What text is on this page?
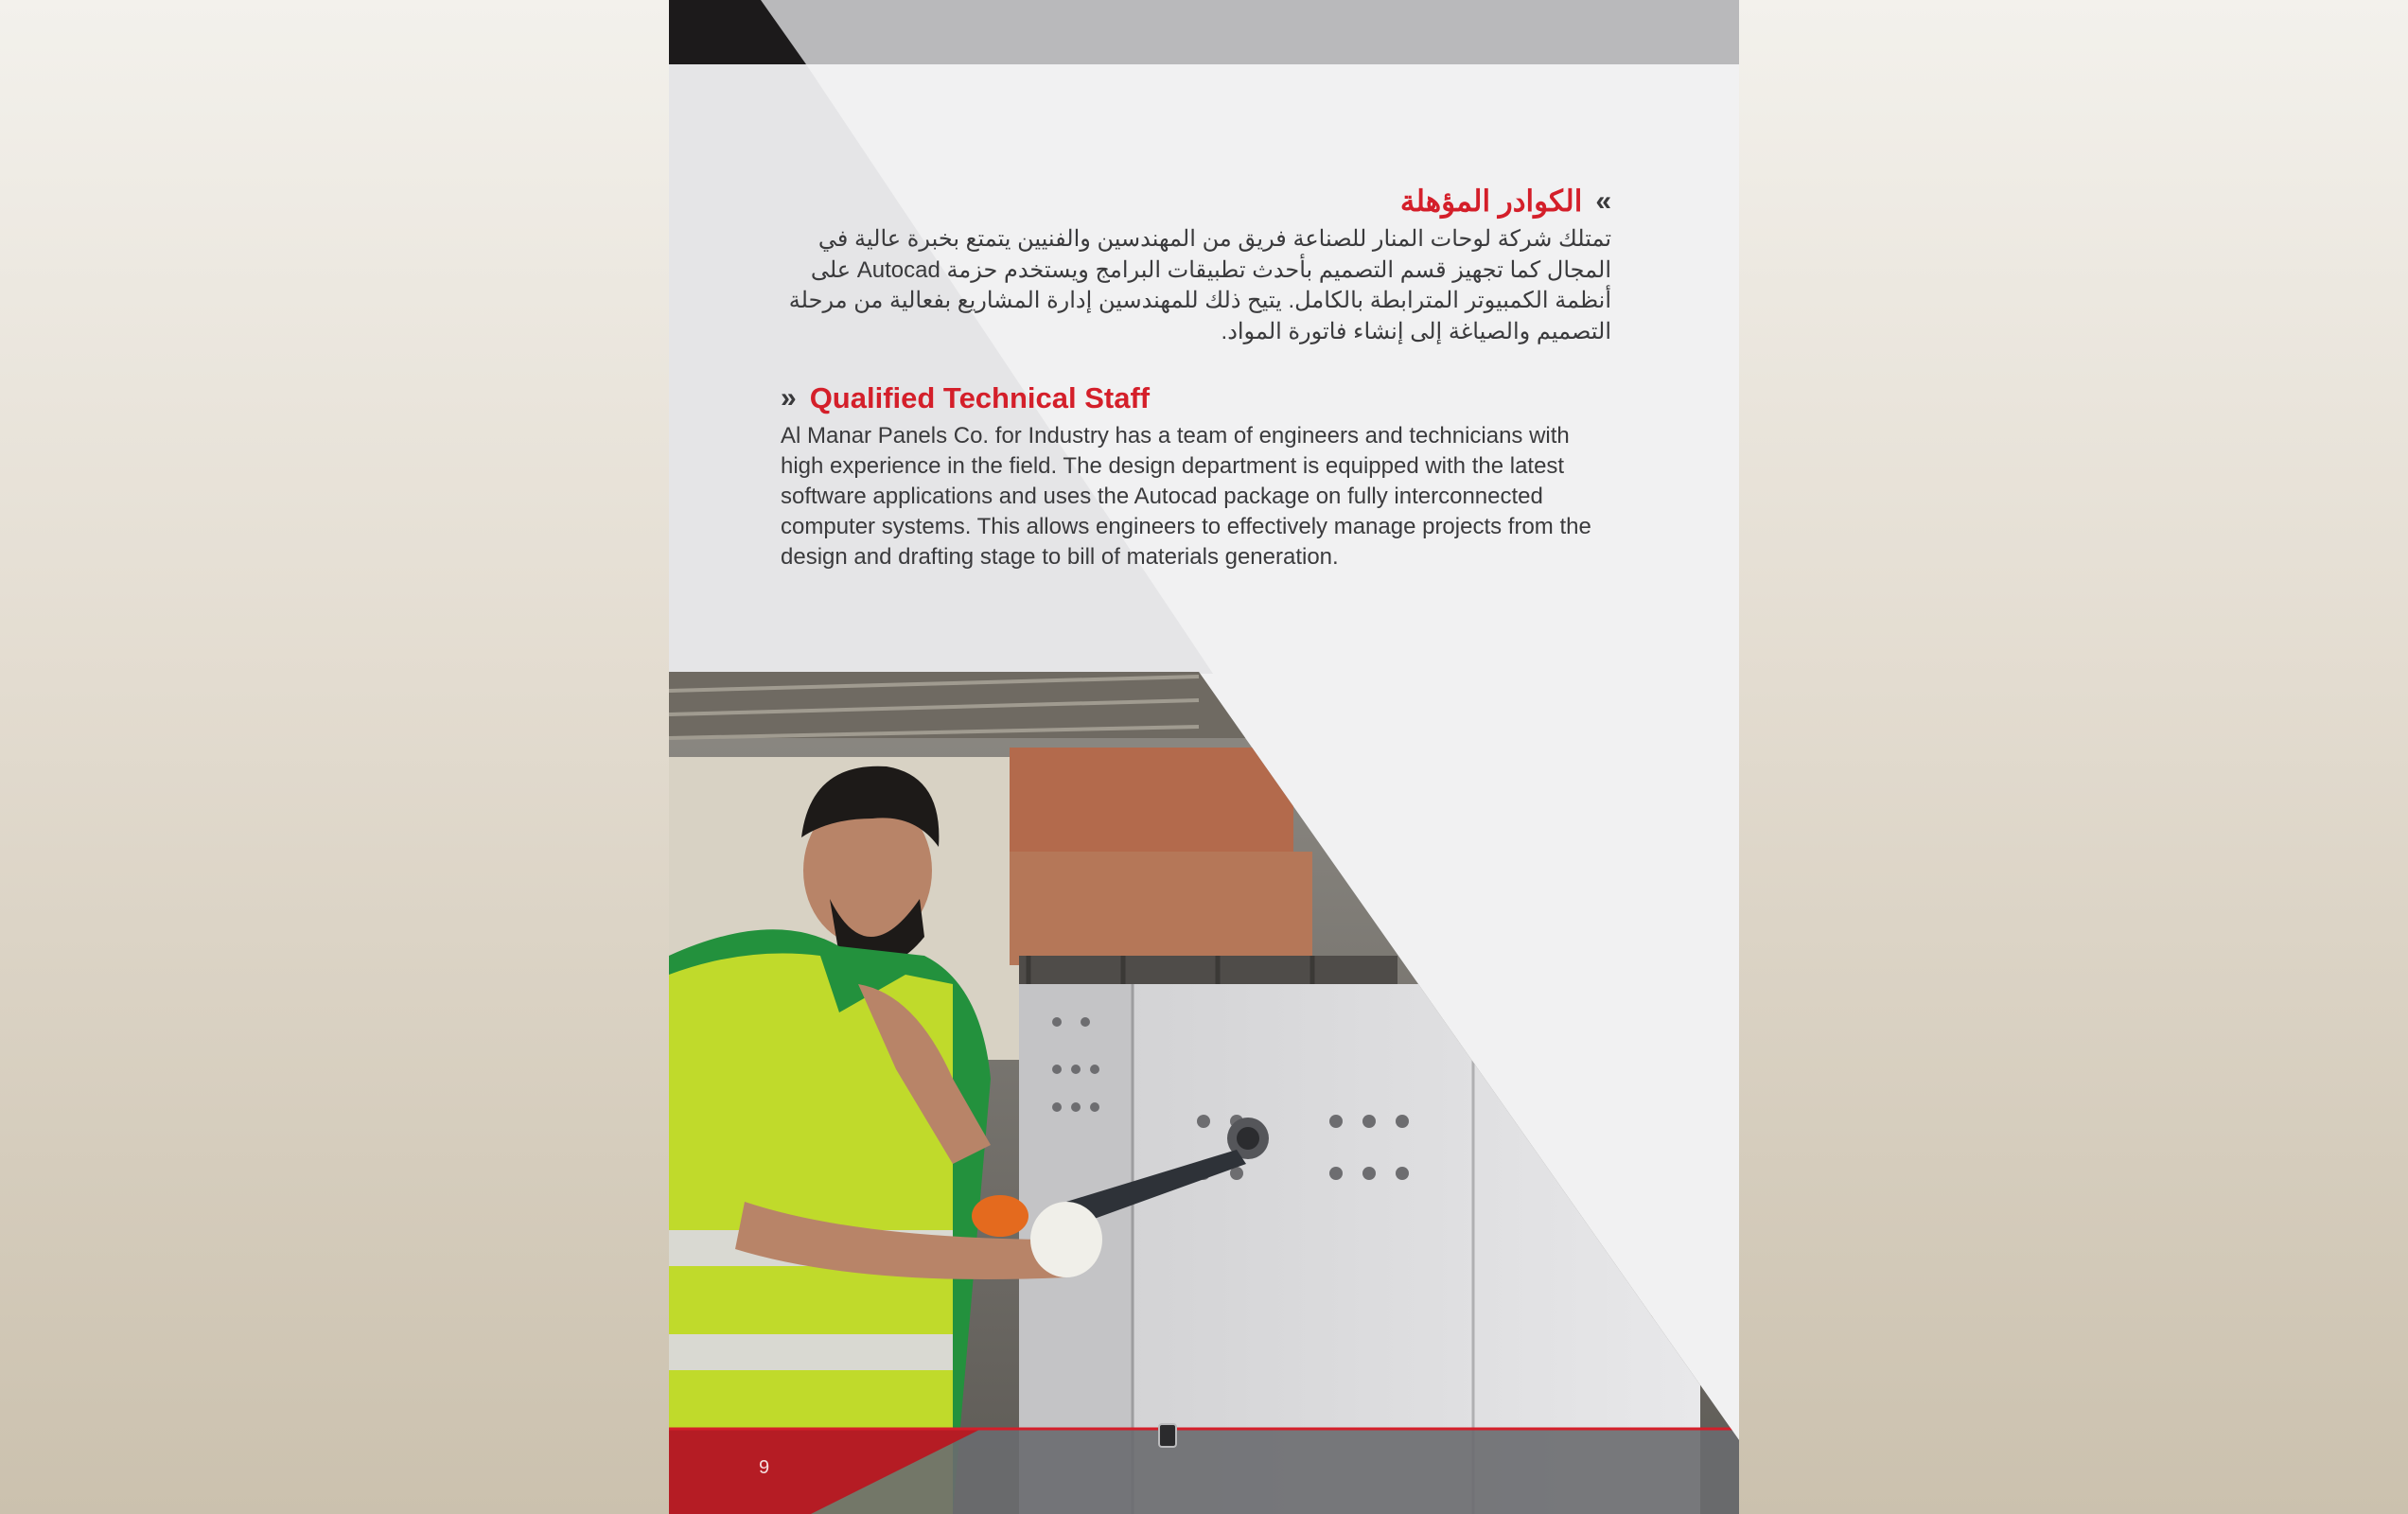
»
الكوادر المؤهلة
تمتلك شركة لوحات المنار للصناعة فريق من المهندسين والفنيين يتمتع بخبرة عالية في المجال كما تجهيز قسم التصميم بأحدث تطبيقات البرامج ويستخدم حزمة Autocad على أنظمة الكمبيوتر المترابطة بالكامل. يتيح ذلك للمهندسين إدارة المشاريع بفعالية من مرحلة التصميم والصياغة إلى إنشاء فاتورة المواد.
» Qualified Technical Staff
Al Manar Panels Co. for Industry has a team of engineers and technicians with high experience in the field. The design department is equipped with the latest software applications and uses the Autocad package on fully interconnected computer systems. This allows engineers to effectively manage projects from the design and drafting stage to bill of materials generation.
9
